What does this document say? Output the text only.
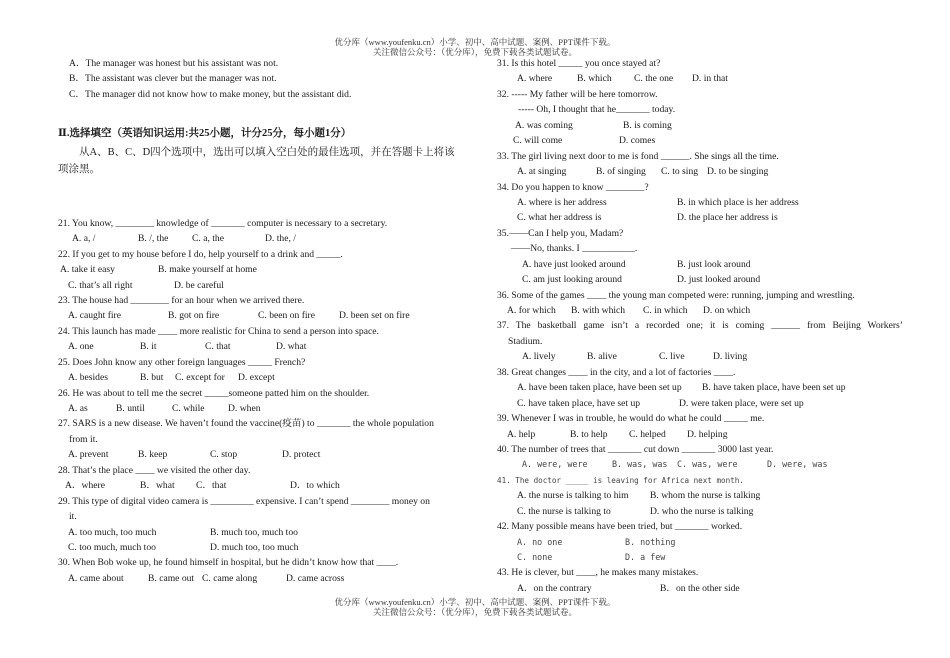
优分库（www.youfenku.cn）小学、初中、高中试题、案例、PPT课件下载。
关注微信公众号：（优分库），免费下载各类试题试卷。
A．The manager was honest but his assistant was not.
B．The assistant was clever but the manager was not.
C．The manager did not know how to make money, but the assistant did.
Ⅱ.选择填空（英语知识运用:共25小题，计分25分，每小题1分）
从A、B、C、D四个选项中，选出可以填入空白处的最佳选项，并在答题卡上将该项涂黑。
21. You know, ________ knowledge of _______ computer is necessary to a secretary.
A. a, /	B. /, the C. a, the	D. the, /
22. If you get to my house before I do, help yourself to a drink and _____.
A. take it easy	B. make yourself at home
C. that’s all right	D. be careful
23. The house had ________ for an hour when we arrived there.
A. caught fire	B. got on fire	C. been on fire D. been set on fire
24. This launch has made ____ more realistic for China to send a person into space.
A. one	B. it	C. that	D. what
25. Does John know any other foreign languages _____ French?
A. besides	B. but C. except for D. except
26. He was about to tell me the secret _____someone patted him on the shoulder.
A. as	B. until	C. while D. when
27. SARS is a new disease. We haven’t found the vaccine(疫苗) to _______ the whole population
from it.
A. prevent	B. keep	C. stop	D. protect
28. That’s the place ____ we visited the other day.
A．where	B．what C．that	D．to which
29. This type of digital video camera is _________ expensive. I can’t spend ________ money on
it.
A. too much, too much	B. much too, much too
C. too much, much too	D. much too, too much
30. When Bob woke up, he found himself in hospital, but he didn’t know how that ____.
A. came about	B. came out C. came along	D. came across
31. Is this hotel _____ you once stayed at?
A. where	B. which C. the one D. in that
32. ----- My father will be here tomorrow.
----- Oh, I thought that he_______ today.
A. was coming	B. is coming
C. will come	D. comes
33. The girl living next door to me is fond ______. She sings all the time.
A. at singing	B. of singing C. to sing D. to be singing
34. Do you happen to know ________?
A. where is her address	B. in which place is her address
C. what her address is	D. the place her address is
35.——Can I help you, Madam?
——No, thanks. I ___________.
A. have just looked around	B. just look around
C. am just looking around	D. just looked around
36. Some of the games ____ the young man competed were: running, jumping and wrestling.
A. for which B. with which C. in which D. on which
37. The basketball game isn’t a recorded one; it is coming ______ from Beijing Workers’
Stadium.
A. lively	B. alive	C. live	D. living
38. Great changes ____ in the city, and a lot of factories ____.
A. have been taken place, have been set up B. have taken place, have been set up
C. have taken place, have set up	D. were taken place, were set up
39. Whenever I was in trouble, he would do what he could _____ me.
A. help	B. to help C. helped D. helping
40. The number of trees that _______ cut down _______ 3000 last year.
A. were, were	B. was, was C. was, were	D. were, was
41. The doctor _____ is leaving for Africa next month.
A. the nurse is talking to him B. whom the nurse is talking
C. the nurse is talking to	D. who the nurse is talking
42. Many possible means have been tried, but _______ worked.
A. no one	B. nothing
C. none	D. a few
43. He is clever, but ____, he makes many mistakes.
A．on the contrary	B．on the other side
优分库（www.youfenku.cn）小学、初中、高中试题、案例、PPT课件下载。
关注微信公众号：（优分库），免费下载各类试题试卷。
